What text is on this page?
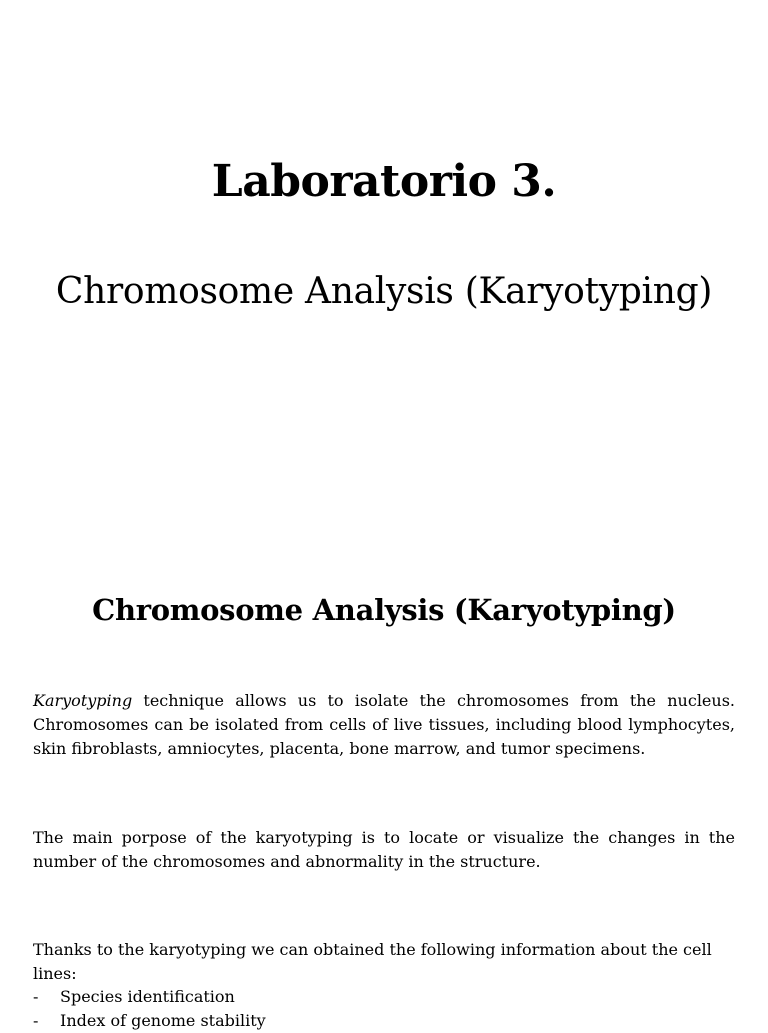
Laboratorio 3.
Chromosome Analysis (Karyotyping)
Chromosome Analysis (Karyotyping)

Karyotyping technique allows us to isolate the chromosomes from the nucleus. Chromosomes can be isolated from cells of live tissues, including blood lymphocytes, skin fibroblasts, amniocytes, placenta, bone marrow, and tumor specimens.

The main porpose of the karyotyping is to locate or visualize the changes in the number of the chromosomes and abnormality in the structure.

Thanks to the karyotyping we can obtained the following information about the cell lines:

- Species identification
- Index of genome stability
